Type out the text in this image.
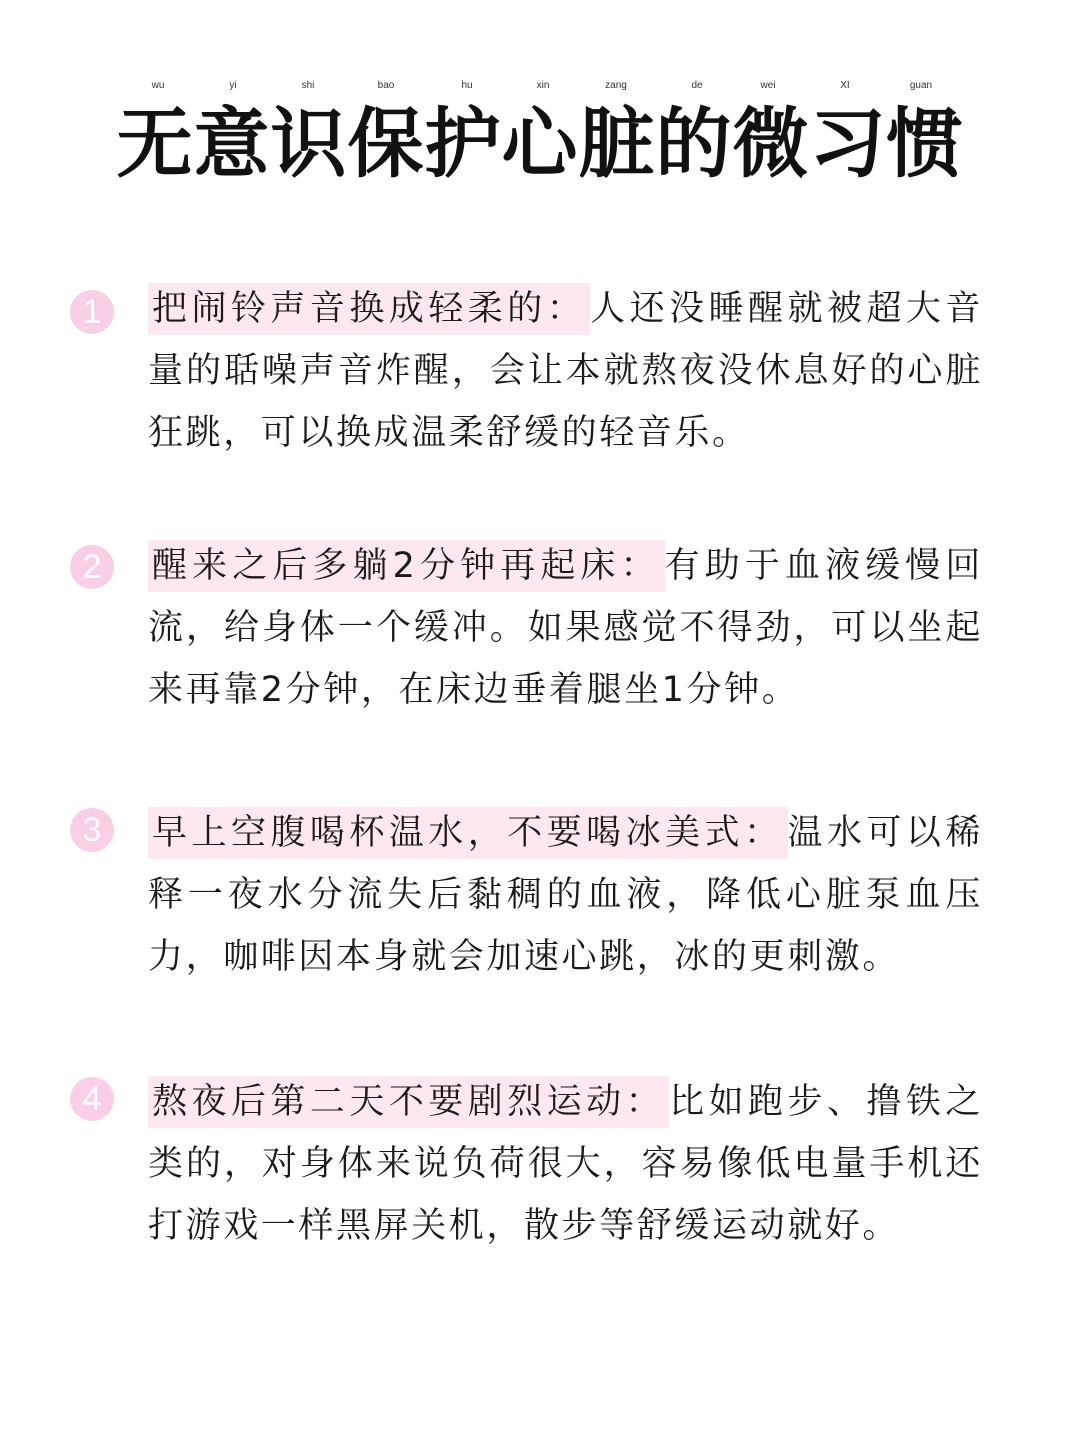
wu	yi	shi	bao	hu	xin	zang	de	wei	XI	guan
无意识保护心脏的微习惯
1	把闹铃声音换成轻柔的： 人还没睡醒就被超大音量的聒噪声音炸醒，会让本就熬夜没休息好的心脏狂跳，可以换成温柔舒缓的轻音乐。
2	醒来之后多躺2分钟再起床： 有助于血液缓慢回流，给身体一个缓冲。如果感觉不得劲，可以坐起来再靠2分钟，在床边垂着腿坐1分钟。
3	早上空腹喝杯温水，不要喝冰美式： 温水可以稀释一夜水分流失后黏稠的血液，降低心脏泵血压力，咖啡因本身就会加速心跳，冰的更刺激。
4	熬夜后第二天不要剧烈运动： 比如跑步、撸铁之类的，对身体来说负荷很大，容易像低电量手机还打游戏一样黑屏关机，散步等舒缓运动就好。
